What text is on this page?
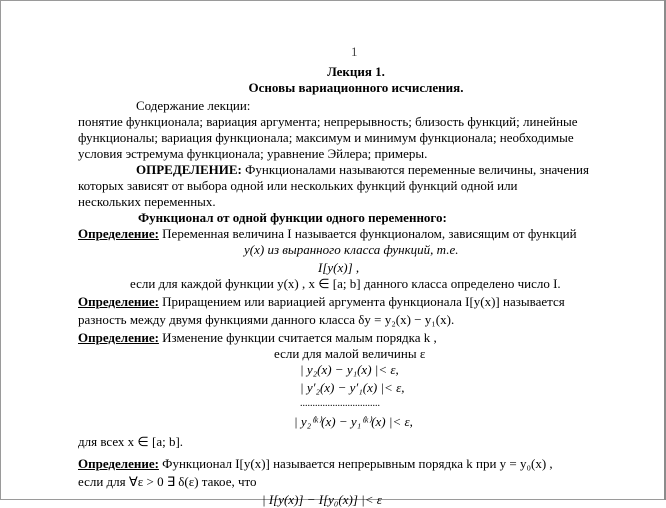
1
Лекция 1.
Основы вариационного исчисления.
Содержание лекции:
понятие функционала; вариация аргумента; непрерывность; близость функций; линейные
функционалы; вариация функционала; максимум и минимум функционала; необходимые
условия эстремума функционала; уравнение Эйлера; примеры.
ОПРЕДЕЛЕНИЕ: Функционалами называются переменные величины, значения
которых зависят от выбора одной или нескольких функций функций одной или
нескольких переменных.
Функционал от одной функции одного переменного:
Определение: Переменная величина I называется функционалом, зависящим от функций
y(x) из выранного класса функций, т.е.
I[y(x)] ,
если для каждой функции y(x) , x ∈ [a; b] данного класса определено число I.
Определение: Приращением или вариацией аргумента функционала I[y(x)] называется
разность между двумя функциями данного класса δy = y₂(x) − y₁(x).
Определение: Изменение функции считается малым порядка k ,
если для малой величины ε
| y₂(x) − y₁(x) |< ε,
| y′₂(x) − y′₁(x) |< ε,
................................
| y₂⁽ᵏ⁾(x) − y₁⁽ᵏ⁾(x) |< ε,
для всех x ∈ [a; b].
Определение: Функционал I[y(x)] называется непрерывным порядка k при y = y₀(x) ,
если для ∀ε > 0 ∃ δ(ε) такое, что
| I[y(x)] − I[y₀(x)] |< ε
